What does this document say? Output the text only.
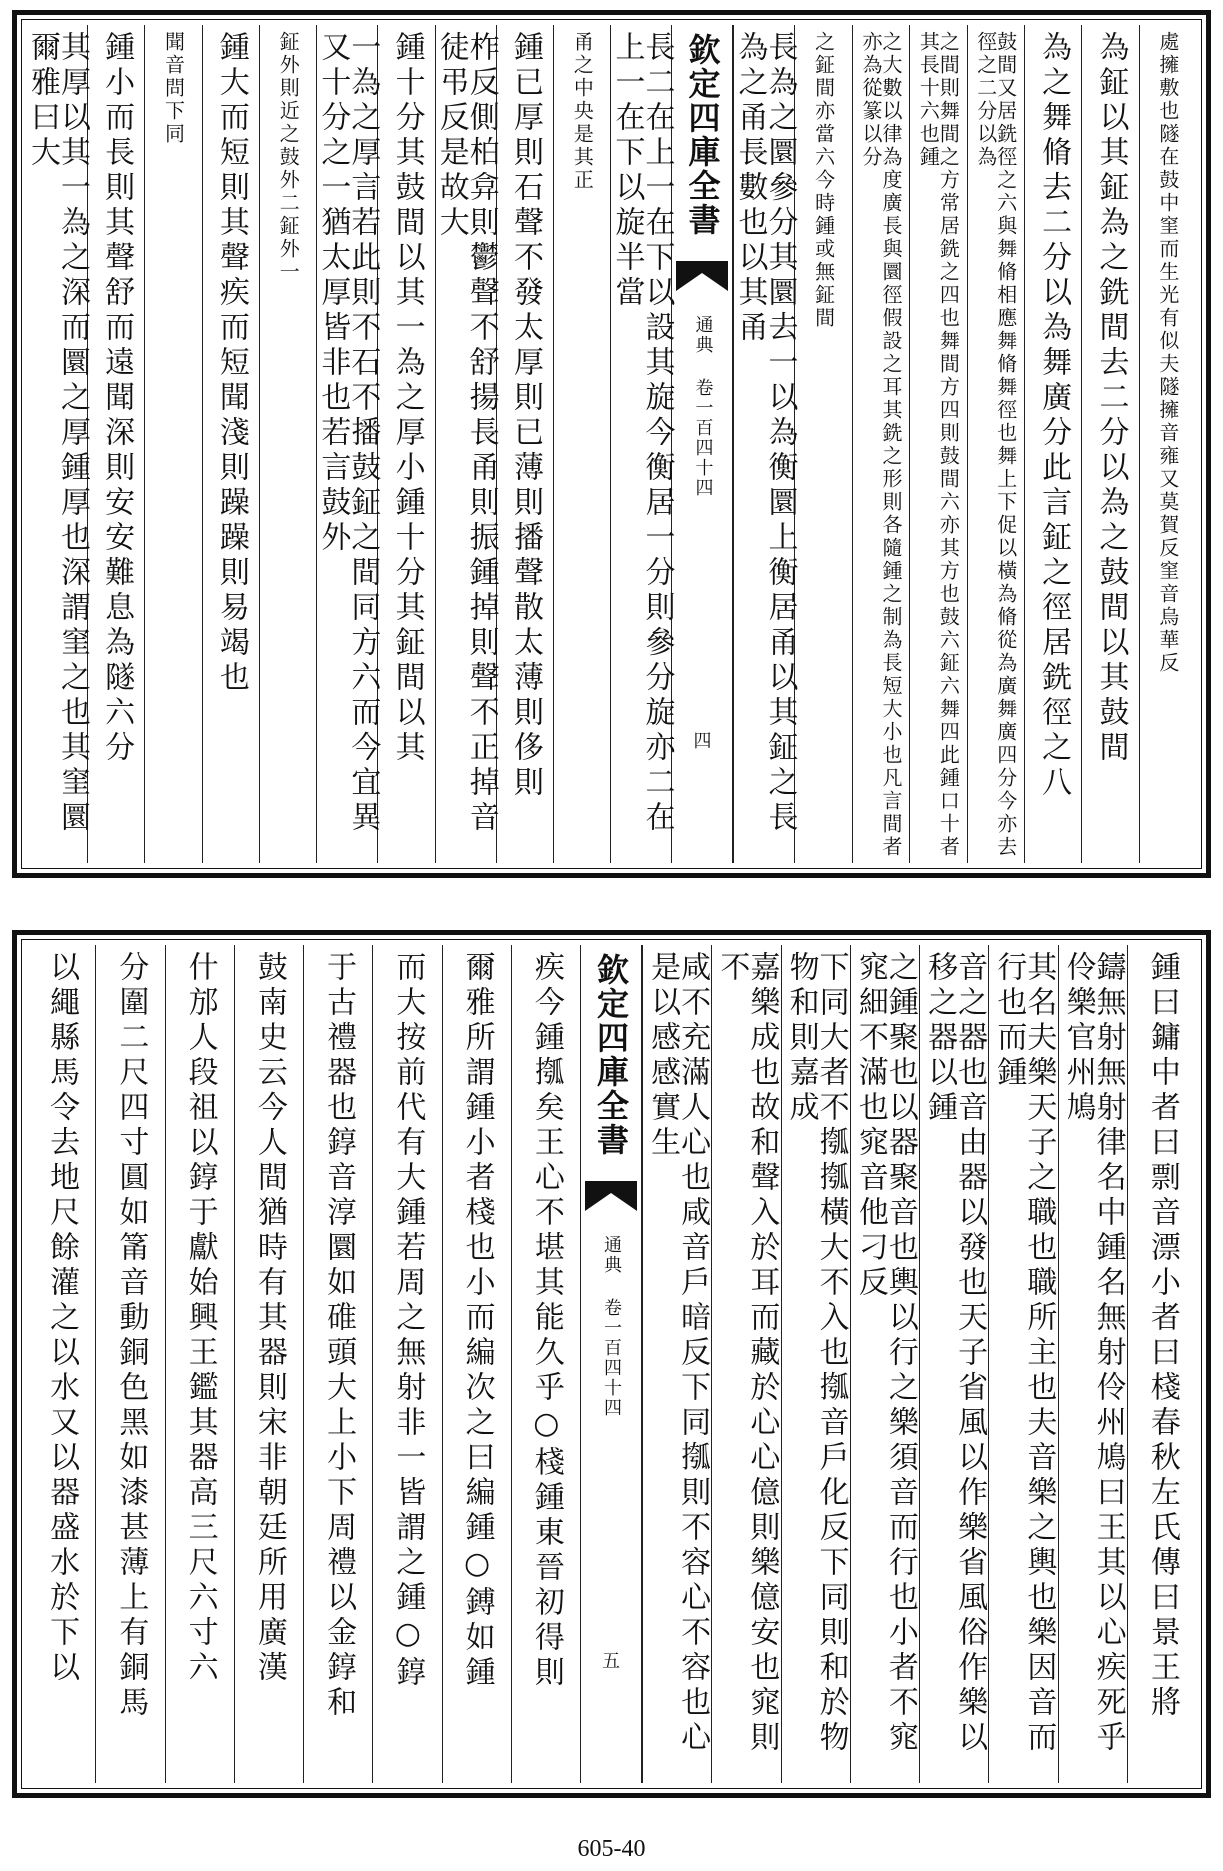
處擁敷也隧在鼓中窐而生光有似夫隧擁音雍又莫賀反窐音烏華反
為鉦以其鉦為之銑間去二分以為之鼓間以其鼓間
為之舞脩去二分以為舞廣分此言鉦之徑居銑徑之八
鼓間又居銑徑之六與舞脩相應舞脩舞徑也舞上下促以橫為脩從為廣舞廣四分今亦去徑之二分以為
之間則舞間之方常居銑之四也舞間方四則鼓間六亦其方也鼓六鉦六舞四此鍾口十者其長十六也鍾
之大數以律為度廣長與圜徑假設之耳其銑之形則各隨鍾之制為長短大小也凡言間者亦為從篆以分
之鉦間亦當六今時鍾或無鉦間
長為之圜參分其圜去一以為衡圜上衡居甬以其鉦之長為之甬長數也以其甬
欽定四庫全書
通典 卷一百四十四
四
長二在上一在下以設其旋今衡居一分則參分旋亦二在上一在下以旋半當
甬之中央是其正
鍾已厚則石聲不發太厚則已薄則播聲散太薄則侈則
柞反側柏弇則鬱聲不舒揚長甬則振鍾掉則聲不正掉音徒弔反是故大
鍾十分其鼓間以其一為之厚小鍾十分其鉦間以其
一為之厚言若此則不石不播鼓鉦之間同方六而今宜異又十分之一猶太厚皆非也若言鼓外
鉦外則近之鼓外二鉦外一
鍾大而短則其聲疾而短聞淺則躁躁則易竭也
聞音問下同
鍾小而長則其聲舒而遠聞深則安安難息為隧六分
其厚以其一為之深而圜之厚鍾厚也深謂窐之也其窐圜爾雅曰大
鍾曰鏞中者曰剽音漂小者曰棧春秋左氏傳曰景王將
鑄無射無射律名中鍾名無射伶州鳩曰王其以心疾死乎伶樂官州鳩
其名夫樂天子之職也職所主也夫音樂之輿也樂因音而行也而鍾
音之器也音由器以發也天子省風以作樂省風俗作樂以移之器以鍾
之鍾聚也以器聚音也輿以行之樂須音而行也小者不窕窕細不滿也窕音他刁反
下同大者不摦摦橫大不入也摦音戶化反下同則和於物物和則嘉成
嘉樂成也故和聲入於耳而藏於心心億則樂億安也窕則不
咸不充滿人心也咸音戶暗反下同摦則不容心不容也心是以感感實生
欽定四庫全書
通典 卷一百四十四
五
疾今鍾摦矣王心不堪其能久乎○棧鍾東晉初得則
爾雅所謂鍾小者棧也小而編次之曰編鍾○鎛如鍾
而大按前代有大鍾若周之無射非一皆謂之鍾○錞
于古禮器也錞音淳圜如碓頭大上小下周禮以金錞和
鼓南史云今人間猶時有其器則宋非朝廷所用廣漢
什邡人段祖以錞于獻始興王鑑其器高三尺六寸六
分圍二尺四寸圓如筩音動銅色黑如漆甚薄上有銅馬
以繩縣馬令去地尺餘灌之以水又以器盛水於下以
605-40
